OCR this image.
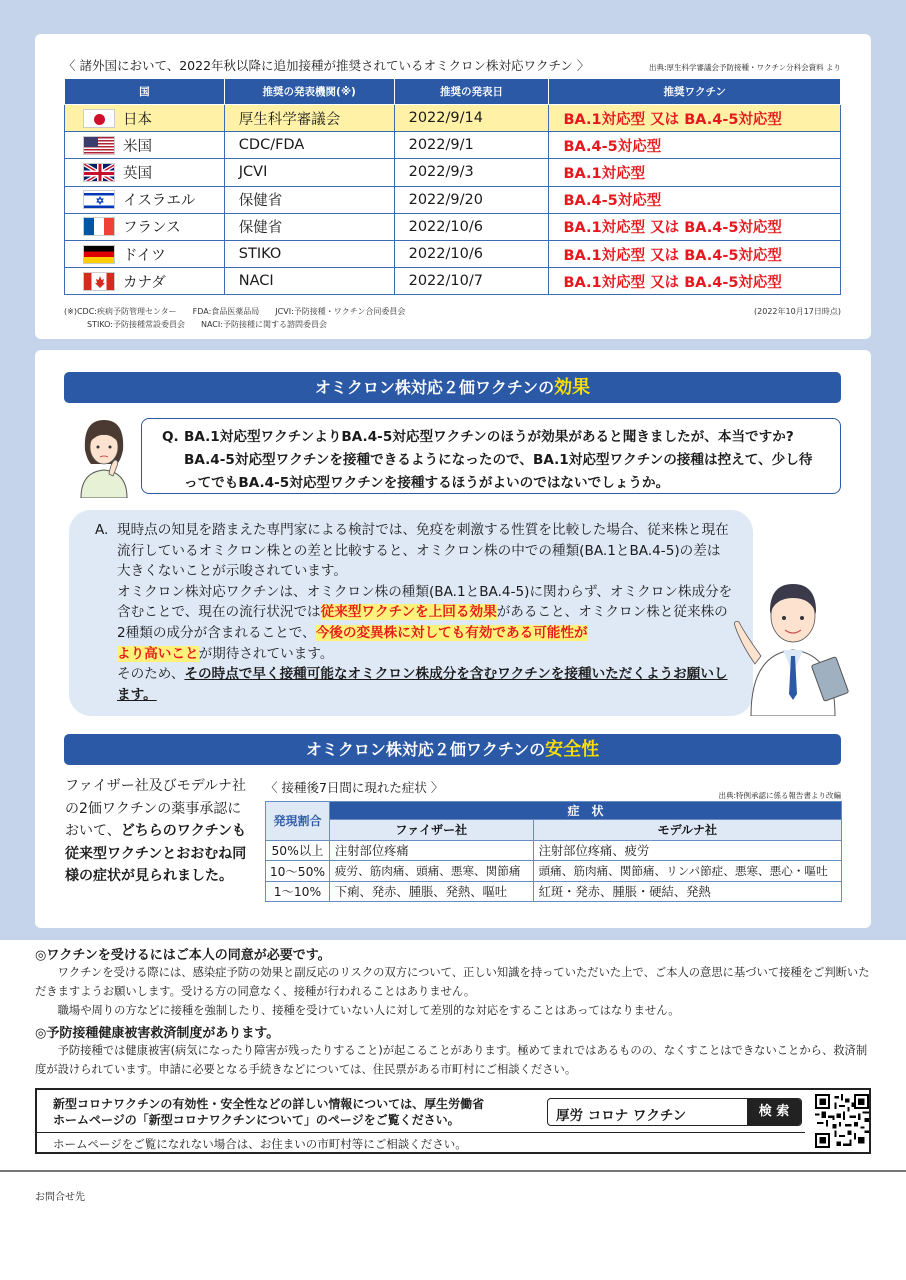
〈 諸外国において、2022年秋以降に追加接種が推奨されているオミクロン株対応ワクチン 〉	出典:厚生科学審議会予防接種・ワクチン分科会資料 より
国	推奨の発表機関(※)	推奨の発表日	推奨ワクチン

日本	厚生科学審議会	2022/9/14	BA.1対応型 又は BA.4-5対応型

米国	CDC/FDA	2022/9/1	BA.4-5対応型
英国	JCVI	2022/9/3	BA.1対応型
イスラエル	保健省	2022/9/20	BA.4-5対応型
フランス	保健省	2022/10/6	BA.1対応型 又は BA.4-5対応型
ドイツ	STIKO	2022/10/6	BA.1対応型 又は BA.4-5対応型
カナダ	NACI	2022/10/7	BA.1対応型 又は BA.4-5対応型
(※)CDC:疾病予防管理センター　　FDA:食品医薬品局　　JCVI:予防接種・ワクチン合同委員会
STIKO:予防接種常設委員会　　NACI:予防接種に関する諮問委員会
(2022年10月17日時点)
オミクロン株対応２価ワクチンの効果
Q. BA.1対応型ワクチンよりBA.4-5対応型ワクチンのほうが効果があると聞きましたが、本当ですか?BA.4-5対応型ワクチンを接種できるようになったので、BA.1対応型ワクチンの接種は控えて、少し待ってでもBA.4-5対応型ワクチンを接種するほうがよいのではないでしょうか。
A. 現時点の知見を踏まえた専門家による検討では、免疫を刺激する性質を比較した場合、従来株と現在流行しているオミクロン株との差と比較すると、オミクロン株の中での種類(BA.1とBA.4-5)の差は大きくないことが示唆されています。
オミクロン株対応ワクチンは、オミクロン株の種類(BA.1とBA.4-5)に関わらず、オミクロン株成分を含むことで、現在の流行状況では従来型ワクチンを上回る効果があること、オミクロン株と従来株の2種類の成分が含まれることで、今後の変異株に対しても有効である可能性が
より高いことが期待されています。
そのため、その時点で早く接種可能なオミクロン株成分を含むワクチンを接種いただくようお願いします。
オミクロン株対応２価ワクチンの安全性
ファイザー社及びモデルナ社の2価ワクチンの薬事承認において、どちらのワクチンも従来型ワクチンとおおむね同様の症状が見られました。
〈 接種後7日間に現れた症状 〉
出典:特例承認に係る報告書より改編
発現割合	症　状	
	ファイザー社	モデルナ社
50%以上	注射部位疼痛	注射部位疼痛、疲労
10〜50%	疲労、筋肉痛、頭痛、悪寒、関節痛	頭痛、筋肉痛、関節痛、リンパ節症、悪寒、悪心・嘔吐
1〜10%	下痢、発赤、腫脹、発熱、嘔吐	紅斑・発赤、腫脹・硬結、発熱
◎ワクチンを受けるにはご本人の同意が必要です。

ワクチンを受ける際には、感染症予防の効果と副反応のリスクの双方について、正しい知識を持っていただいた上で、ご本人の意思に基づいて接種をご判断いただきますようお願いします。受ける方の同意なく、接種が行われることはありません。

職場や周りの方などに接種を強制したり、接種を受けていない人に対して差別的な対応をすることはあってはなりません。

◎予防接種健康被害救済制度があります。

予防接種では健康被害(病気になったり障害が残ったりすること)が起こることがあります。極めてまれではあるものの、なくすことはできないことから、救済制度が設けられています。申請に必要となる手続きなどについては、住民票がある市町村にご相談ください。

新型コロナワクチンの有効性・安全性などの詳しい情報については、厚生労働省
ホームページの「新型コロナワクチンについて」のページをご覧ください。	厚労 コロナ ワクチン	検 索
ホームページをご覧になれない場合は、お住まいの市町村等にご相談ください。
お問合せ先
